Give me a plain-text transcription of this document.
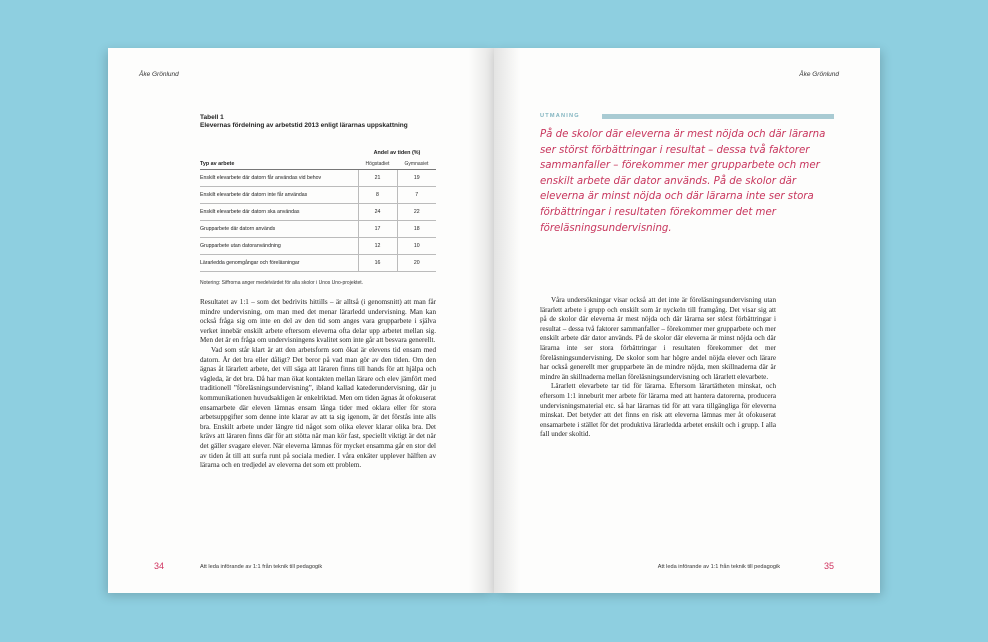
Åke Grönlund
Tabell 1
Elevernas fördelning av arbetstid 2013 enligt lärarnas uppskattning
	Andel av tiden (%)	
Typ av arbete	Högstadiet	Gymnasiet
Enskilt elevarbete där datorn får användas vid behov	21	19
Enskilt elevarbete där datorn inte får användas	8	7
Enskilt elevarbete där datorn ska användas	24	22
Grupparbete där datorn används	17	18
Grupparbete utan datoranvändning	12	10
Lärarledda genomgångar och föreläsningar	16	20
Notering: Siffrorna anger medelvärdet för alla skolor i Unos Uno-projektet.

Resultatet av 1:1 – som det bedrivits hittills – är alltså (i genomsnitt) att man får mindre undervisning, om man med det menar lärarledd undervisning. Man kan också fråga sig om inte en del av den tid som anges vara grupparbete i själva verket innebär enskilt arbete eftersom eleverna ofta delar upp arbetet mellan sig. Men det är en fråga om undervisningens kvalitet som inte går att besvara generellt.

Vad som står klart är att den arbetsform som ökat är elevens tid ensam med datorn. Är det bra eller dåligt? Det beror på vad man gör av den tiden. Om den ägnas åt lärarlett arbete, det vill säga att läraren finns till hands för att hjälpa och vägleda, är det bra. Då har man ökat kontakten mellan lärare och elev jämfört med traditionell ”föreläsningsundervisning”, ibland kallad katederundervisning, där ju kommunikationen huvudsakligen är enkelriktad. Men om tiden ägnas åt ofokuserat ensamarbete där eleven lämnas ensam långa tider med oklara eller för stora arbetsuppgifter som denne inte klarar av att ta sig igenom, är det förstås inte alls bra. Enskilt arbete under längre tid något som olika elever klarar olika bra. Det krävs att läraren finns där för att stötta när man kör fast, speciellt viktigt är det när det gäller svagare elever. När eleverna lämnas för mycket ensamma går en stor del av tiden åt till att surfa runt på sociala medier. I våra enkäter upplever hälften av lärarna och en tredjedel av eleverna det som ett problem.

34	Att leda införande av 1:1 från teknik till pedagogik
Åke Grönlund
UTMANING
På de skolor där eleverna är mest nöjda och där lärarna ser störst förbättringar i resultat – dessa två faktorer sammanfaller – förekommer mer grupparbete och mer enskilt arbete där dator används. På de skolor där eleverna är minst nöjda och där lärarna inte ser stora förbättringar i resultaten förekommer det mer föreläsningsundervisning.

Våra undersökningar visar också att det inte är föreläsningsundervisning utan lärarlett arbete i grupp och enskilt som är nyckeln till framgång. Det visar sig att på de skolor där eleverna är mest nöjda och där lärarna ser störst förbättringar i resultat – dessa två faktorer sammanfaller – förekommer mer grupparbete och mer enskilt arbete där dator används. På de skolor där eleverna är minst nöjda och där lärarna inte ser stora förbättringar i resultaten förekommer det mer föreläsningsundervisning. De skolor som har högre andel nöjda elever och lärare har också generellt mer grupparbete än de mindre nöjda, men skillnaderna där är mindre än skillnaderna mellan föreläsningsundervisning och lärarlett elevarbete.

Lärarlett elevarbete tar tid för lärarna. Eftersom lärartätheten minskat, och eftersom 1:1 inneburit mer arbete för lärarna med att hantera datorerna, producera undervisningsmaterial etc. så har lärarnas tid för att vara tillgängliga för eleverna minskat. Det betyder att det finns en risk att eleverna lämnas mer åt ofokuserat ensamarbete i stället för det produktiva lärarledda arbetet enskilt och i grupp. I alla fall under skoltid.

35
Att leda införande av 1:1 från teknik till pedagogik
